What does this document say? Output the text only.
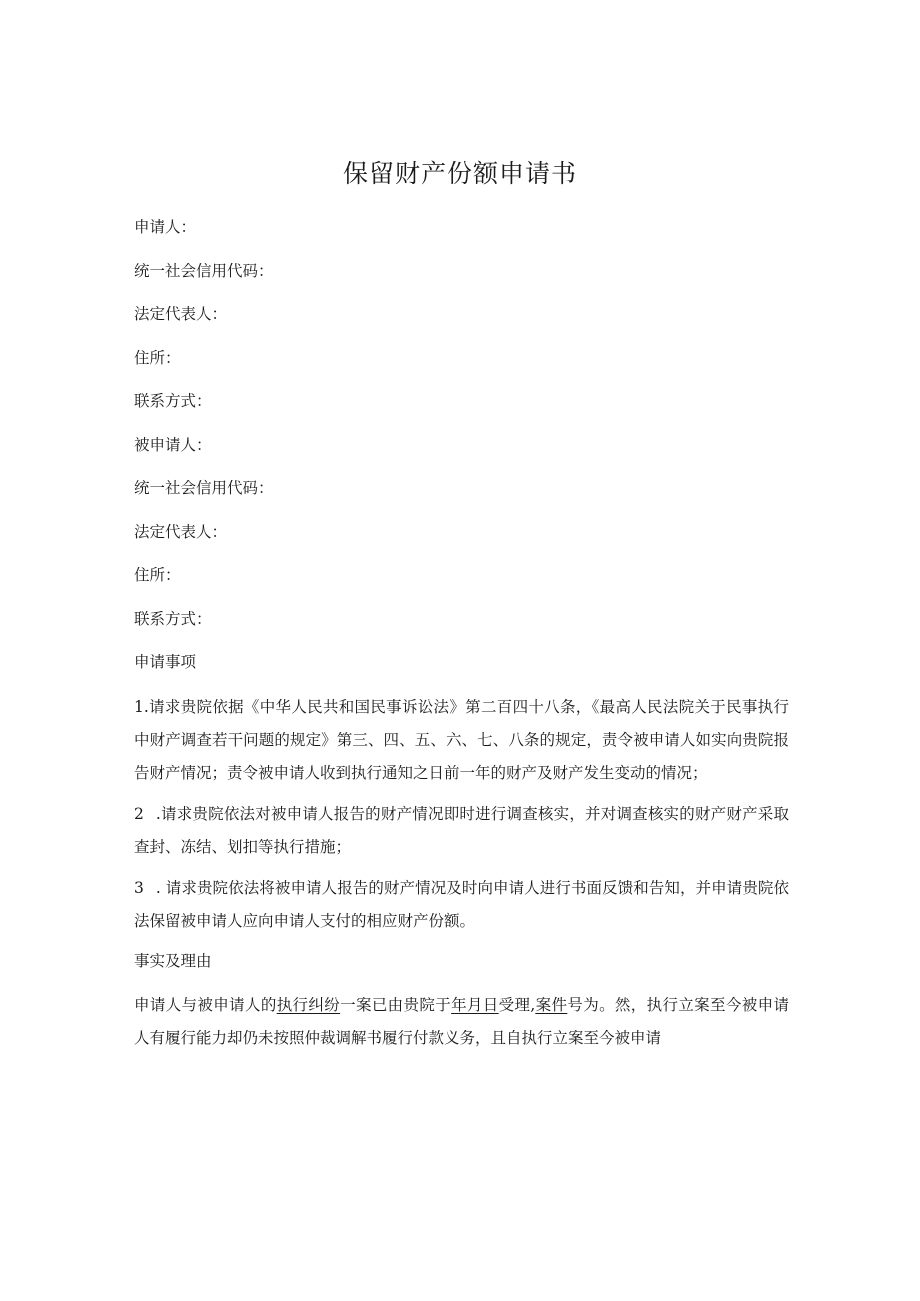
保留财产份额申请书

申请人：

统一社会信用代码：

法定代表人：

住所：

联系方式：

被申请人：

统一社会信用代码：

法定代表人：

住所：

联系方式：

申请事项

1.请求贵院依据《中华人民共和国民事诉讼法》第二百四十八条，《最高人民法院关于民事执行中财产调查若干问题的规定》第三、四、五、六、七、八条的规定，责令被申请人如实向贵院报告财产情况；责令被申请人收到执行通知之日前一年的财产及财产发生变动的情况；

2 .请求贵院依法对被申请人报告的财产情况即时进行调查核实，并对调查核实的财产财产采取查封、冻结、划扣等执行措施；

3 . 请求贵院依法将被申请人报告的财产情况及时向申请人进行书面反馈和告知，并申请贵院依法保留被申请人应向申请人支付的相应财产份额。

事实及理由

申请人与被申请人的执行纠纷一案已由贵院于年月日受理,案件号为。然，执行立案至今被申请人有履行能力却仍未按照仲裁调解书履行付款义务，且自执行立案至今被申请
